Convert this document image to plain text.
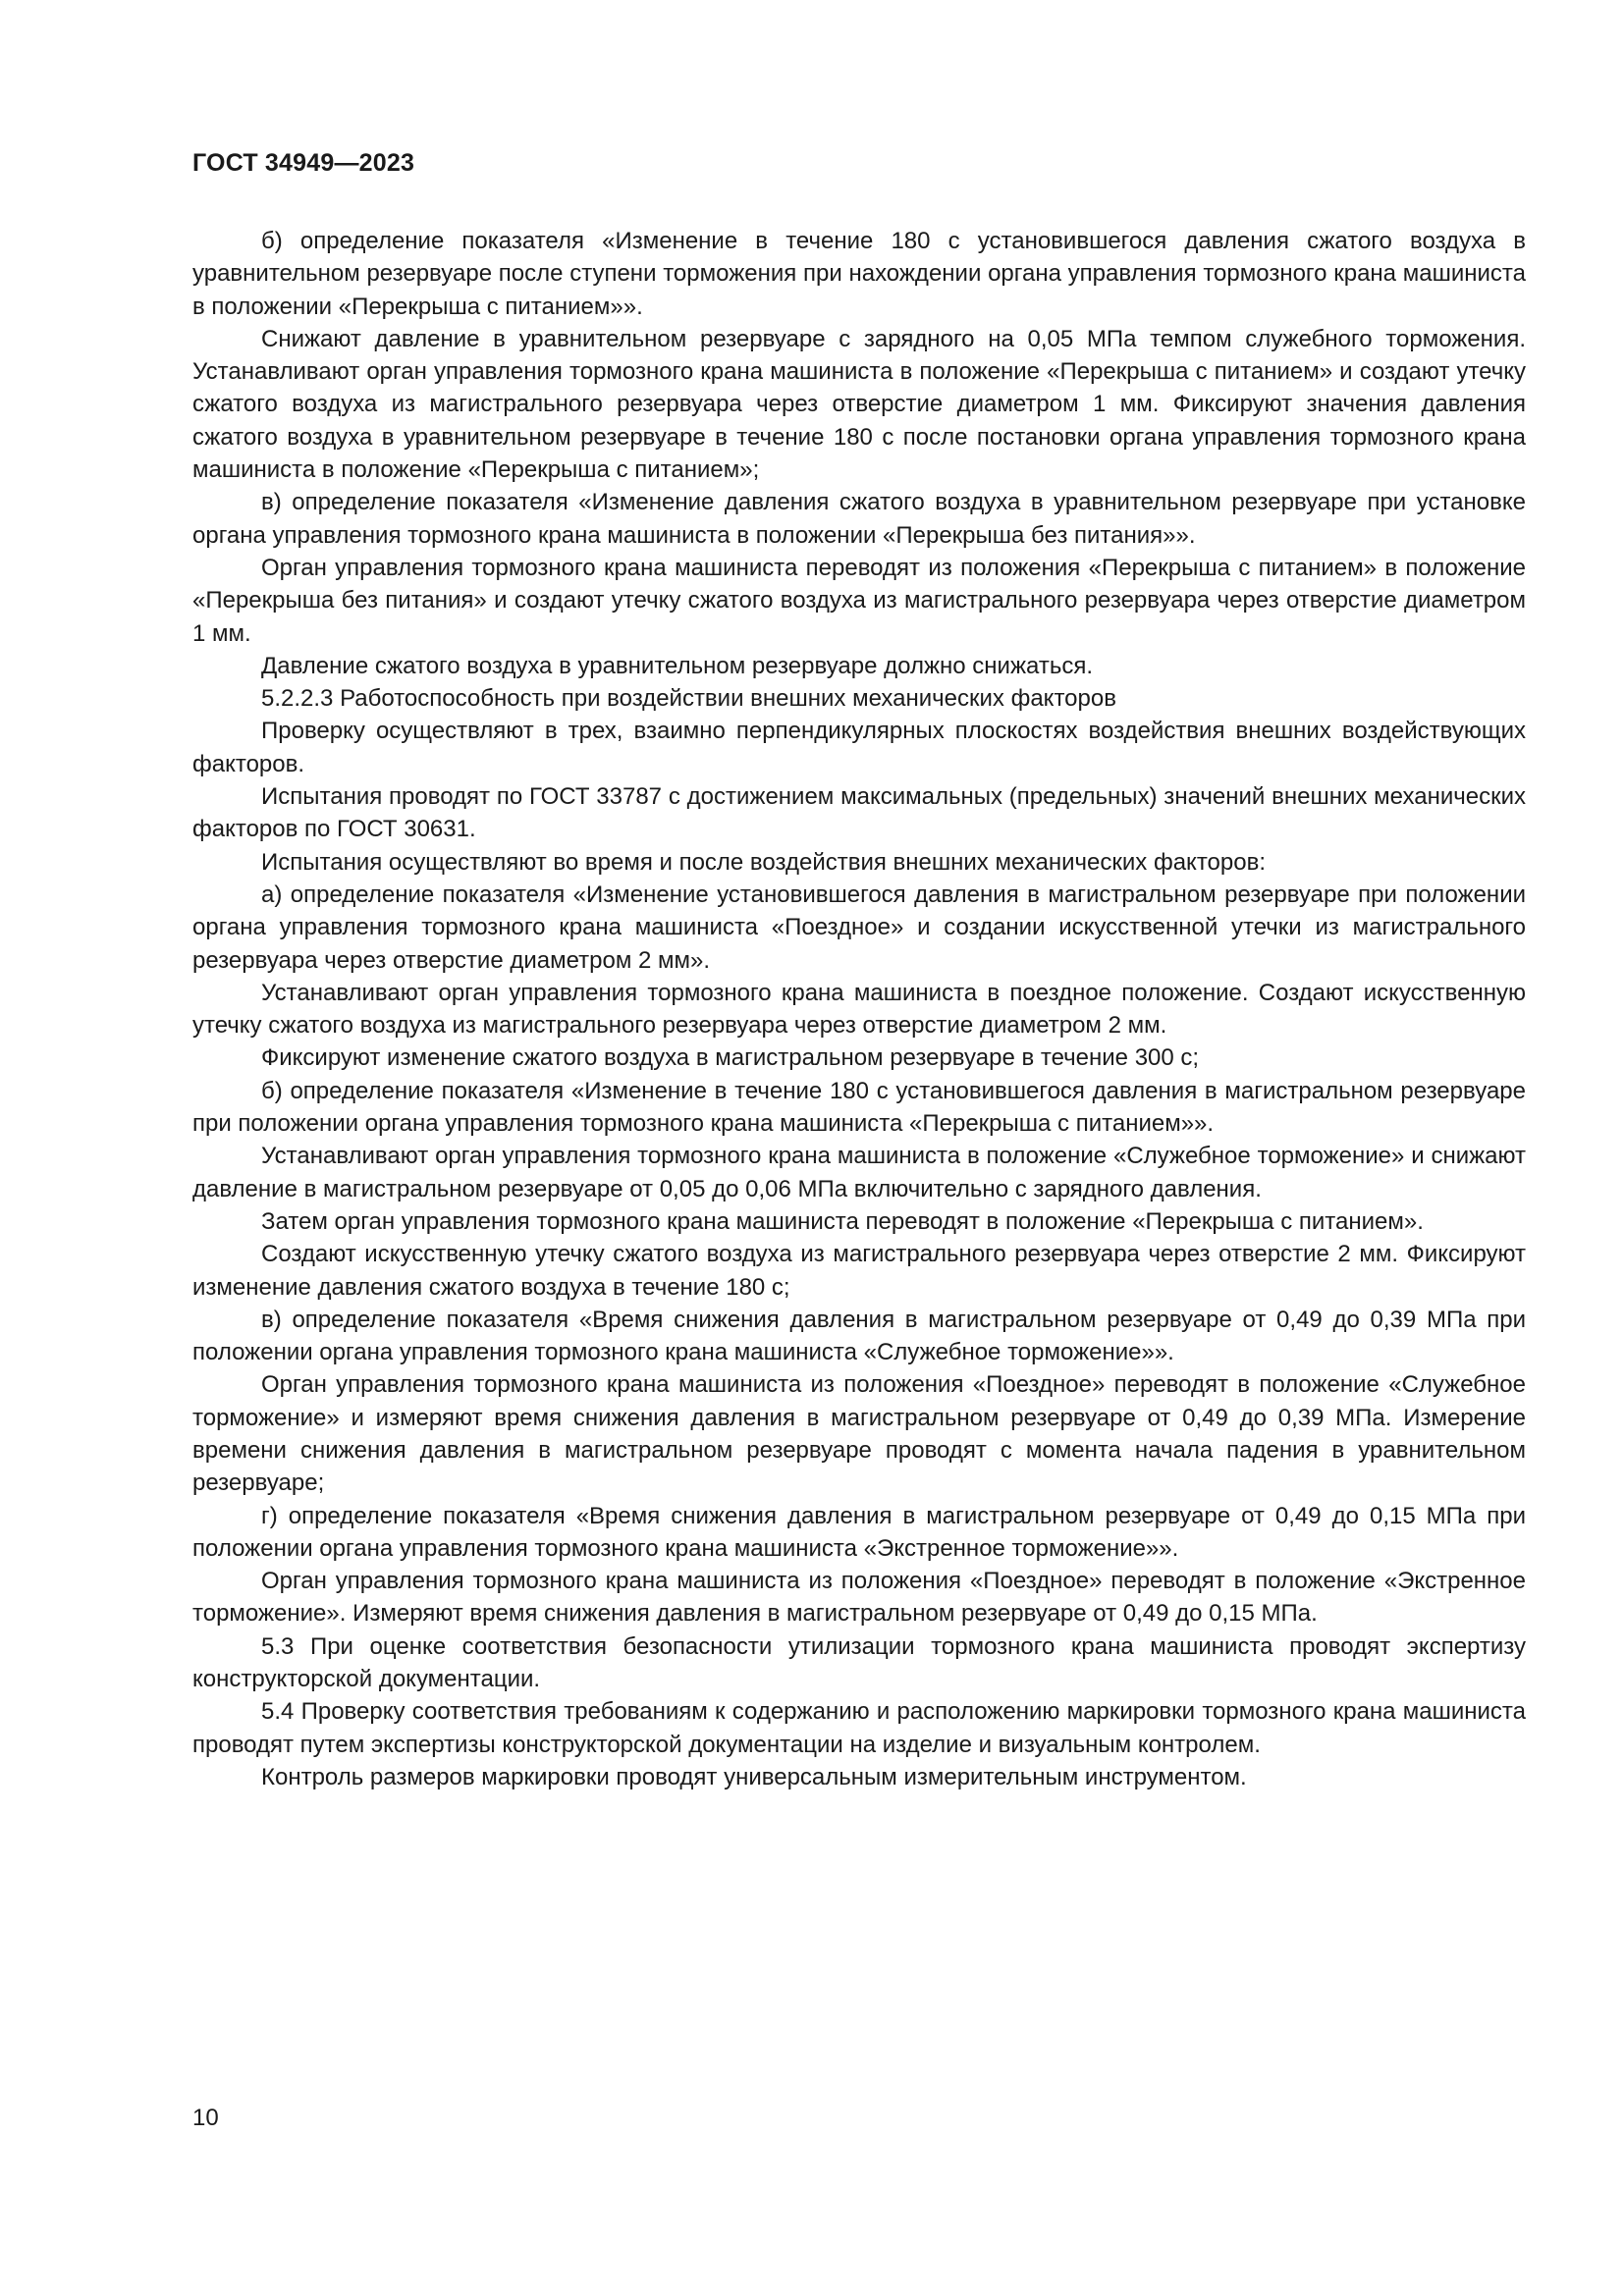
ГОСТ 34949—2023

б) определение показателя «Изменение в течение 180 с установившегося давления сжатого воздуха в уравнительном резервуаре после ступени торможения при нахождении органа управления тормозного крана машиниста в положении «Перекрыша с питанием»».

Снижают давление в уравнительном резервуаре с зарядного на 0,05 МПа темпом служебного торможения. Устанавливают орган управления тормозного крана машиниста в положение «Перекрыша с питанием» и создают утечку сжатого воздуха из магистрального резервуара через отверстие диаметром 1 мм. Фиксируют значения давления сжатого воздуха в уравнительном резервуаре в течение 180 с после постановки органа управления тормозного крана машиниста в положение «Перекрыша с питанием»;

в) определение показателя «Изменение давления сжатого воздуха в уравнительном резервуаре при установке органа управления тормозного крана машиниста в положении «Перекрыша без питания»».

Орган управления тормозного крана машиниста переводят из положения «Перекрыша с питанием» в положение «Перекрыша без питания» и создают утечку сжатого воздуха из магистрального резервуара через отверстие диаметром 1 мм.

Давление сжатого воздуха в уравнительном резервуаре должно снижаться.

5.2.2.3 Работоспособность при воздействии внешних механических факторов

Проверку осуществляют в трех, взаимно перпендикулярных плоскостях воздействия внешних воздействующих факторов.

Испытания проводят по ГОСТ 33787 с достижением максимальных (предельных) значений внешних механических факторов по ГОСТ 30631.

Испытания осуществляют во время и после воздействия внешних механических факторов:

а) определение показателя «Изменение установившегося давления в магистральном резервуаре при положении органа управления тормозного крана машиниста «Поездное» и создании искусственной утечки из магистрального резервуара через отверстие диаметром 2 мм».

Устанавливают орган управления тормозного крана машиниста в поездное положение. Создают искусственную утечку сжатого воздуха из магистрального резервуара через отверстие диаметром 2 мм.

Фиксируют изменение сжатого воздуха в магистральном резервуаре в течение 300 с;

б) определение показателя «Изменение в течение 180 с установившегося давления в магистральном резервуаре при положении органа управления тормозного крана машиниста «Перекрыша с питанием»».

Устанавливают орган управления тормозного крана машиниста в положение «Служебное торможение» и снижают давление в магистральном резервуаре от 0,05 до 0,06 МПа включительно с зарядного давления.

Затем орган управления тормозного крана машиниста переводят в положение «Перекрыша с питанием».

Создают искусственную утечку сжатого воздуха из магистрального резервуара через отверстие 2 мм. Фиксируют изменение давления сжатого воздуха в течение 180 с;

в) определение показателя «Время снижения давления в магистральном резервуаре от 0,49 до 0,39 МПа при положении органа управления тормозного крана машиниста «Служебное торможение»».

Орган управления тормозного крана машиниста из положения «Поездное» переводят в положение «Служебное торможение» и измеряют время снижения давления в магистральном резервуаре от 0,49 до 0,39 МПа. Измерение времени снижения давления в магистральном резервуаре проводят с момента начала падения в уравнительном резервуаре;

г) определение показателя «Время снижения давления в магистральном резервуаре от 0,49 до 0,15 МПа при положении органа управления тормозного крана машиниста «Экстренное торможение»».

Орган управления тормозного крана машиниста из положения «Поездное» переводят в положение «Экстренное торможение». Измеряют время снижения давления в магистральном резервуаре от 0,49 до 0,15 МПа.

5.3 При оценке соответствия безопасности утилизации тормозного крана машиниста проводят экспертизу конструкторской документации.

5.4 Проверку соответствия требованиям к содержанию и расположению маркировки тормозного крана машиниста проводят путем экспертизы конструкторской документации на изделие и визуальным контролем.

Контроль размеров маркировки проводят универсальным измерительным инструментом.

10
